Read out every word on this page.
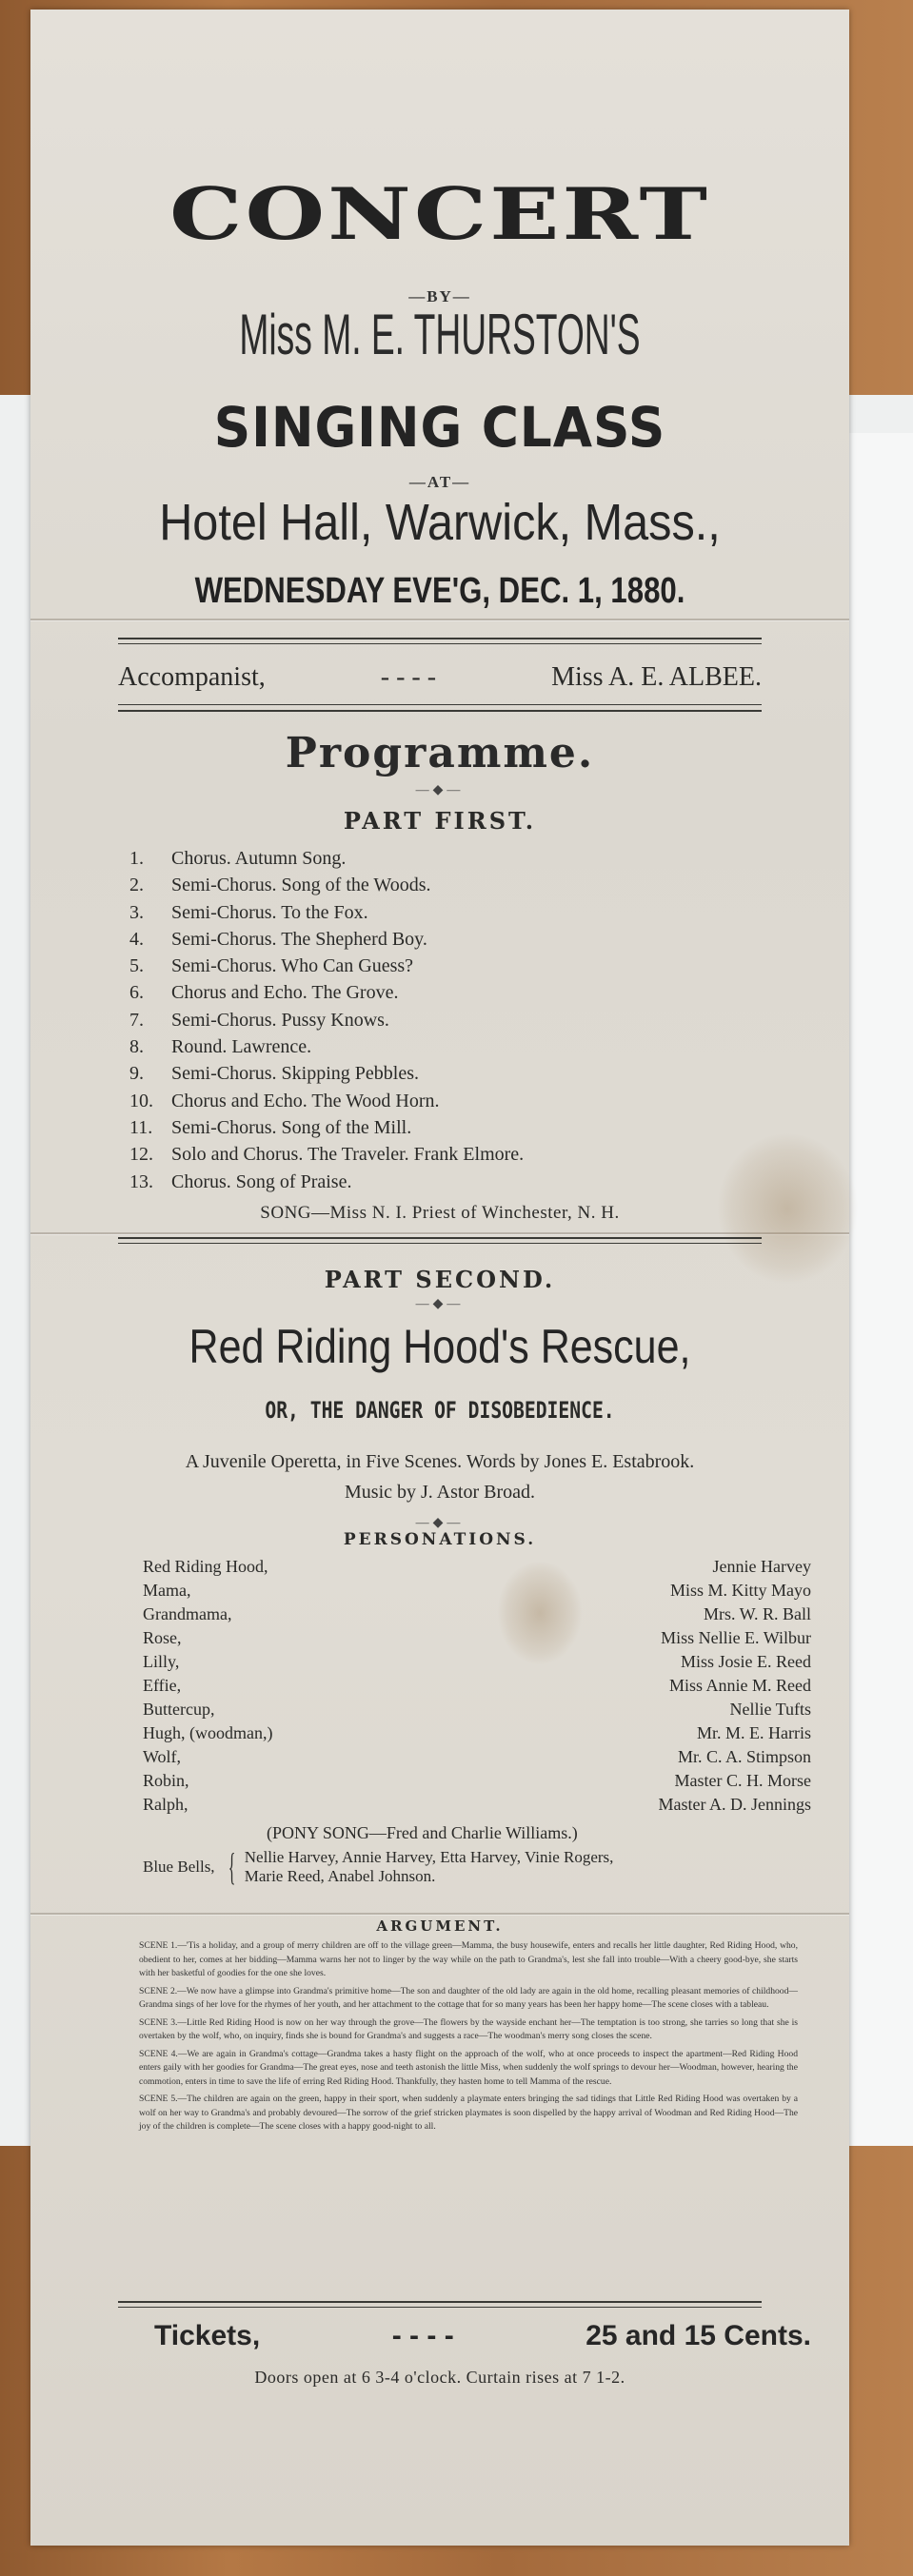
CONCERT
—BY—
Miss M. E. THURSTON'S
SINGING CLASS
—AT—
Hotel Hall, Warwick, Mass.,
WEDNESDAY EVE'G, DEC. 1, 1880.
Accompanist,	- - - -	Miss A. E. ALBEE.
Programme.
—◆—
PART FIRST.
1.	Chorus. Autumn Song.
2.	Semi-Chorus. Song of the Woods.
3.	Semi-Chorus. To the Fox.
4.	Semi-Chorus. The Shepherd Boy.
5.	Semi-Chorus. Who Can Guess?
6.	Chorus and Echo. The Grove.
7.	Semi-Chorus. Pussy Knows.
8.	Round. Lawrence.
9.	Semi-Chorus. Skipping Pebbles.
10. Chorus and Echo. The Wood Horn.
11. Semi-Chorus. Song of the Mill.
12. Solo and Chorus. The Traveler. Frank Elmore.
13. Chorus. Song of Praise.
SONG—Miss N. I. Priest of Winchester, N. H.
PART SECOND.
—◆—
Red Riding Hood's Rescue,
OR, THE DANGER OF DISOBEDIENCE.
A Juvenile Operetta, in Five Scenes. Words by Jones E. Estabrook.
Music by J. Astor Broad.
—◆—
PERSONATIONS.
Red Riding Hood,	Jennie Harvey
Mama,	Miss M. Kitty Mayo
Grandmama,	Mrs. W. R. Ball
Rose,	Miss Nellie E. Wilbur
Lilly,	Miss Josie E. Reed
Effie,	Miss Annie M. Reed
Buttercup,	Nellie Tufts
Hugh, (woodman,)	Mr. M. E. Harris
Wolf,	Mr. C. A. Stimpson
Robin,	Master C. H. Morse
Ralph,	Master A. D. Jennings
(PONY SONG—Fred and Charlie Williams.)
Blue Bells, { Nellie Harvey, Annie Harvey, Etta Harvey, Vinie Rogers,
Marie Reed, Anabel Johnson.
ARGUMENT.
SCENE 1.—'Tis a holiday, and a group of merry children are off to the village green—Mamma, the busy housewife, enters and recalls her little daughter, Red Riding Hood, who, obedient to her, comes at her bidding—Mamma warns her not to linger by the way while on the path to Grandma's, lest she fall into trouble—With a cheery good-bye, she starts with her basketful of goodies for the one she loves.
SCENE 2.—We now have a glimpse into Grandma's primitive home—The son and daughter of the old lady are again in the old home, recalling pleasant memories of childhood—Grandma sings of her love for the rhymes of her youth, and her attachment to the cottage that for so many years has been her happy home—The scene closes with a tableau.
SCENE 3.—Little Red Riding Hood is now on her way through the grove—The flowers by the wayside enchant her—The temptation is too strong, she tarries so long that she is overtaken by the wolf, who, on inquiry, finds she is bound for Grandma's and suggests a race—The woodman's merry song closes the scene.
SCENE 4.—We are again in Grandma's cottage—Grandma takes a hasty flight on the approach of the wolf, who at once proceeds to inspect the apartment—Red Riding Hood enters gaily with her goodies for Grandma—The great eyes, nose and teeth astonish the little Miss, when suddenly the wolf springs to devour her—Woodman, however, hearing the commotion, enters in time to save the life of erring Red Riding Hood. Thankfully, they hasten home to tell Mamma of the rescue.
SCENE 5.—The children are again on the green, happy in their sport, when suddenly a playmate enters bringing the sad tidings that Little Red Riding Hood was overtaken by a wolf on her way to Grandma's and probably devoured—The sorrow of the grief stricken playmates is soon dispelled by the happy arrival of Woodman and Red Riding Hood—The joy of the children is complete—The scene closes with a happy good-night to all.
Tickets,	- - - -	25 and 15 Cents.
Doors open at 6 3-4 o'clock. Curtain rises at 7 1-2.
